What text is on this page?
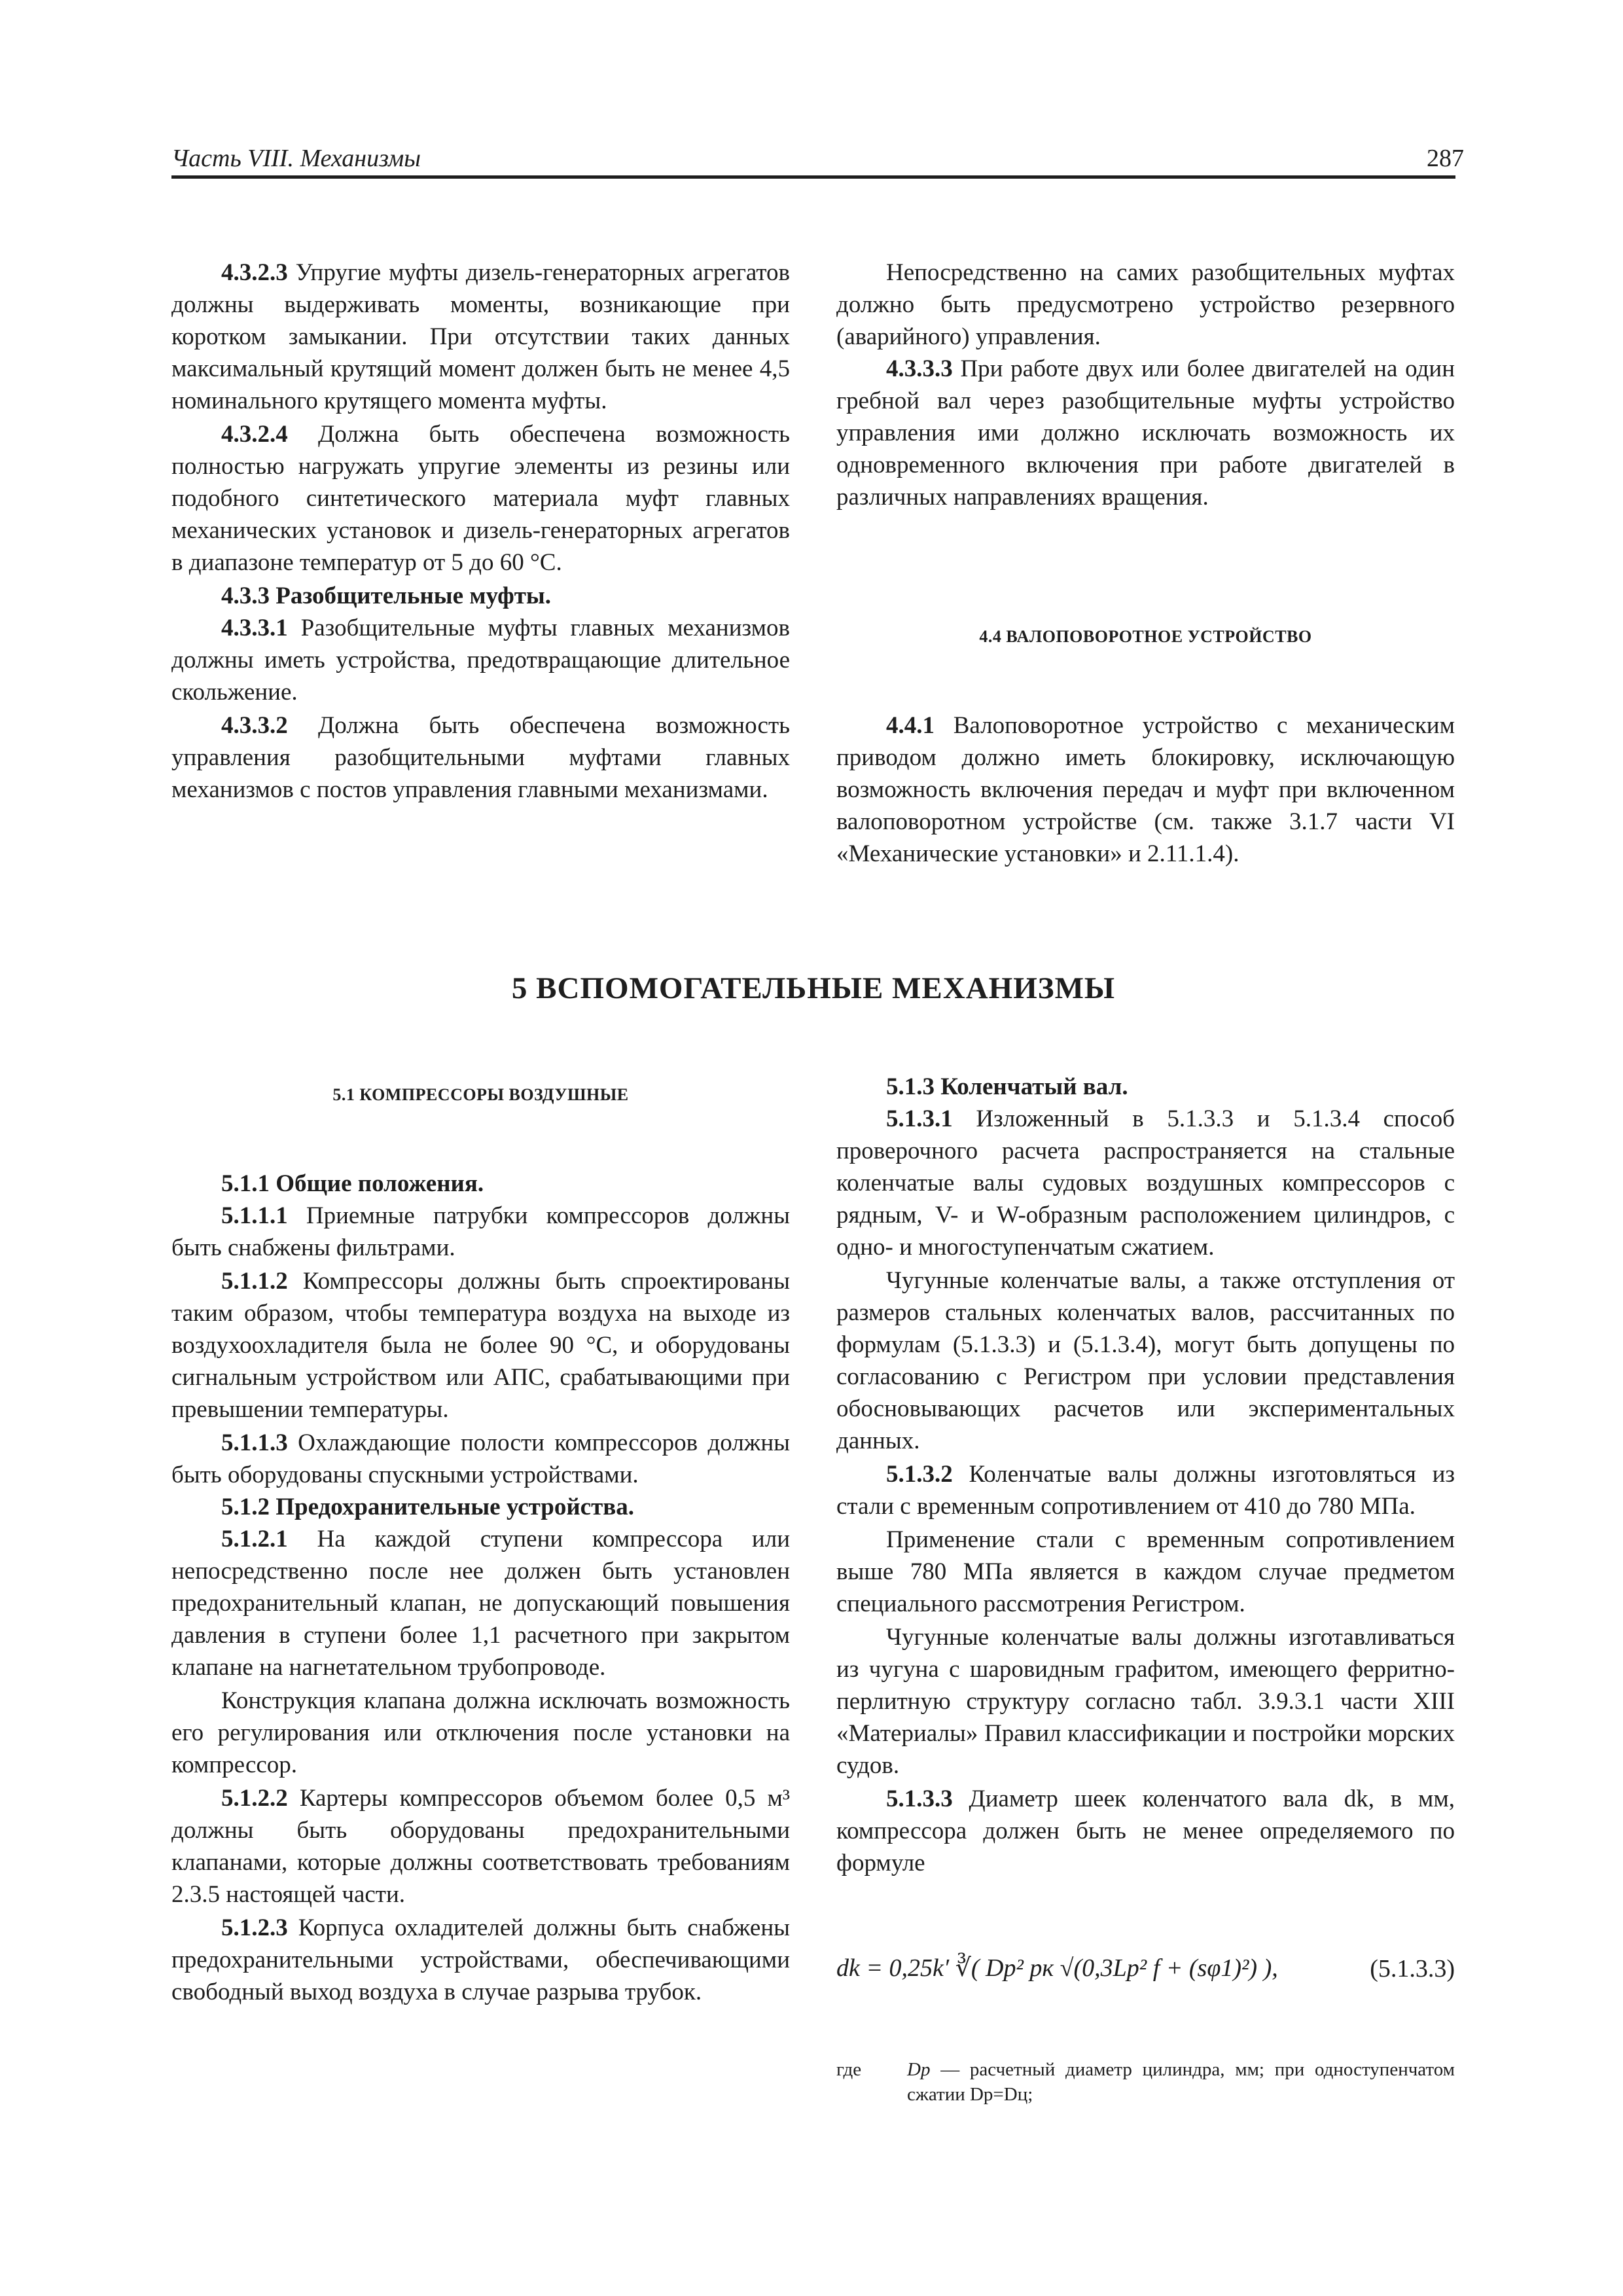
Часть VIII. Механизмы	287

4.3.2.3 Упругие муфты дизель-генераторных агрегатов должны выдерживать моменты, возникающие при коротком замыкании. При отсутствии таких данных максимальный крутящий момент должен быть не менее 4,5 номинального крутящего момента муфты.

4.3.2.4 Должна быть обеспечена возможность полностью нагружать упругие элементы из резины или подобного синтетического материала муфт главных механических установок и дизель-генераторных агрегатов в диапазоне температур от 5 до 60 °С.

4.3.3 Разобщительные муфты.

4.3.3.1 Разобщительные муфты главных механизмов должны иметь устройства, предотвращающие длительное скольжение.

4.3.3.2 Должна быть обеспечена возможность управления разобщительными муфтами главных механизмов с постов управления главными механизмами.

Непосредственно на самих разобщительных муфтах должно быть предусмотрено устройство резервного (аварийного) управления.

4.3.3.3 При работе двух или более двигателей на один гребной вал через разобщительные муфты устройство управления ими должно исключать возможность их одновременного включения при работе двигателей в различных направлениях вращения.

4.4 ВАЛОПОВОРОТНОЕ УСТРОЙСТВО

4.4.1 Валоповоротное устройство с механическим приводом должно иметь блокировку, исключающую возможность включения передач и муфт при включенном валоповоротном устройстве (см. также 3.1.7 части VI «Механические установки» и 2.11.1.4).

5 ВСПОМОГАТЕЛЬНЫЕ МЕХАНИЗМЫ
5.1 КОМПРЕССОРЫ ВОЗДУШНЫЕ

5.1.1 Общие положения.

5.1.1.1 Приемные патрубки компрессоров должны быть снабжены фильтрами.

5.1.1.2 Компрессоры должны быть спроектированы таким образом, чтобы температура воздуха на выходе из воздухоохладителя была не более 90 °С, и оборудованы сигнальным устройством или АПС, срабатывающими при превышении температуры.

5.1.1.3 Охлаждающие полости компрессоров должны быть оборудованы спускными устройствами.

5.1.2 Предохранительные устройства.

5.1.2.1 На каждой ступени компрессора или непосредственно после нее должен быть установлен предохранительный клапан, не допускающий повышения давления в ступени более 1,1 расчетного при закрытом клапане на нагнетательном трубопроводе.

Конструкция клапана должна исключать возможность его регулирования или отключения после установки на компрессор.

5.1.2.2 Картеры компрессоров объемом более 0,5 м³ должны быть оборудованы предохранительными клапанами, которые должны соответствовать требованиям 2.3.5 настоящей части.

5.1.2.3 Корпуса охладителей должны быть снабжены предохранительными устройствами, обеспечивающими свободный выход воздуха в случае разрыва трубок.

5.1.3 Коленчатый вал.

5.1.3.1 Изложенный в 5.1.3.3 и 5.1.3.4 способ проверочного расчета распространяется на стальные коленчатые валы судовых воздушных компрессоров с рядным, V- и W-образным расположением цилиндров, с одно- и многоступенчатым сжатием.

Чугунные коленчатые валы, а также отступления от размеров стальных коленчатых валов, рассчитанных по формулам (5.1.3.3) и (5.1.3.4), могут быть допущены по согласованию с Регистром при условии представления обосновывающих расчетов или экспериментальных данных.

5.1.3.2 Коленчатые валы должны изготовляться из стали с временным сопротивлением от 410 до 780 МПа.

Применение стали с временным сопротивлением выше 780 МПа является в каждом случае предметом специального рассмотрения Регистром.

Чугунные коленчатые валы должны изготавливаться из чугуна с шаровидным графитом, имеющего ферритно-перлитную структуру согласно табл. 3.9.3.1 части XIII «Материалы» Правил классификации и постройки морских судов.

5.1.3.3 Диаметр шеек коленчатого вала dk, в мм, компрессора должен быть не менее определяемого по формуле

dk = 0,25k′ ∛( Dp² pк √(0,3Lp² f + (sφ1)²) ),	(5.1.3.3)
где Dp — расчетный диаметр цилиндра, мм; при одноступенчатом сжатии Dp=Dц;
